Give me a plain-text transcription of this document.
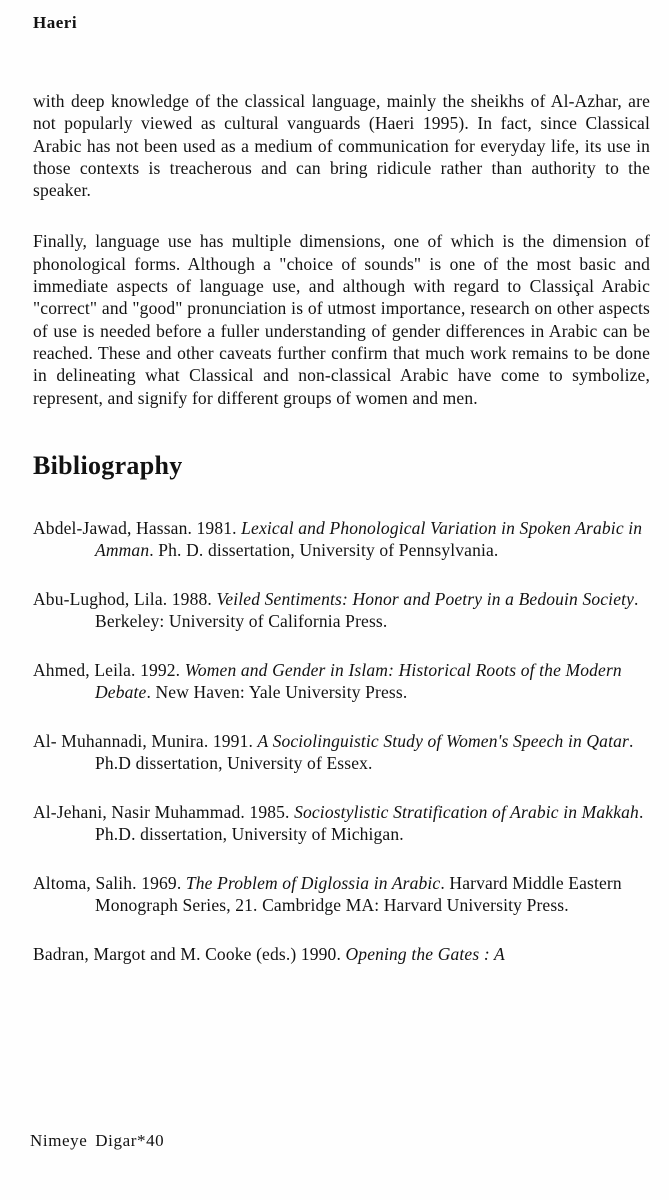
Haeri

with deep knowledge of the classical language, mainly the sheikhs of Al-Azhar, are not popularly viewed as cultural vanguards (Haeri 1995). In fact, since Classical Arabic has not been used as a medium of communication for everyday life, its use in those contexts is treacherous and can bring ridicule rather than authority to the speaker.

Finally, language use has multiple dimensions, one of which is the dimension of phonological forms. Although a "choice of sounds" is one of the most basic and immediate aspects of language use, and although with regard to Classiçal Arabic "correct" and "good" pronunciation is of utmost importance, research on other aspects of use is needed before a fuller understanding of gender differences in Arabic can be reached. These and other caveats further confirm that much work remains to be done in delineating what Classical and non-classical Arabic have come to symbolize, represent, and signify for different groups of women and men.

Bibliography
Abdel-Jawad, Hassan. 1981. Lexical and Phonological Variation in Spoken Arabic in Amman. Ph. D. dissertation, University of Pennsylvania.
Abu-Lughod, Lila. 1988. Veiled Sentiments: Honor and Poetry in a Bedouin Society. Berkeley: University of California Press.
Ahmed, Leila. 1992. Women and Gender in Islam: Historical Roots of the Modern Debate. New Haven: Yale University Press.
Al- Muhannadi, Munira. 1991. A Sociolinguistic Study of Women's Speech in Qatar. Ph.D dissertation, University of Essex.
Al-Jehani, Nasir Muhammad. 1985. Sociostylistic Stratification of Arabic in Makkah. Ph.D. dissertation, University of Michigan.
Altoma, Salih. 1969. The Problem of Diglossia in Arabic. Harvard Middle Eastern Monograph Series, 21. Cambridge MA: Harvard University Press.
Badran, Margot and M. Cooke (eds.) 1990. Opening the Gates : A
Nimeye Digar*40
